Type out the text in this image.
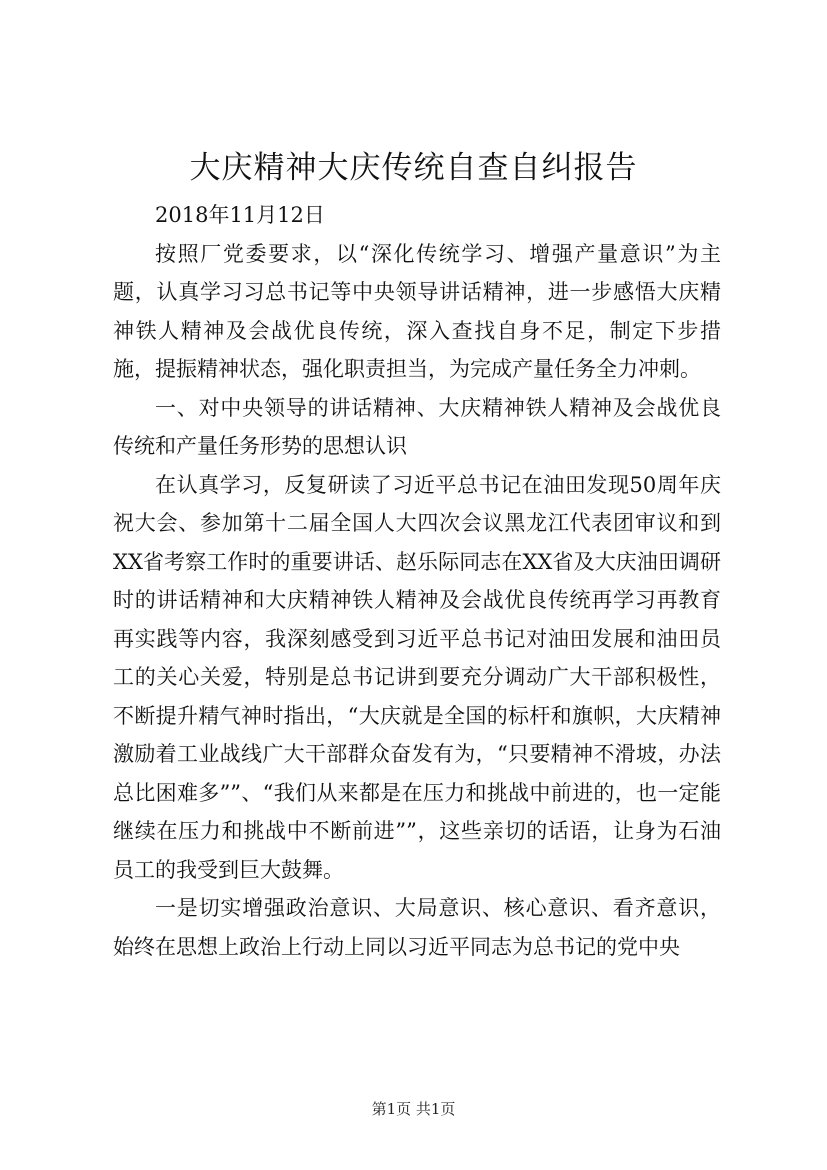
大庆精神大庆传统自查自纠报告

2018年11月12日

按照厂党委要求，以“深化传统学习、增强产量意识”为主题，认真学习习总书记等中央领导讲话精神，进一步感悟大庆精神铁人精神及会战优良传统，深入查找自身不足，制定下步措施，提振精神状态，强化职责担当，为完成产量任务全力冲刺。

一、对中央领导的讲话精神、大庆精神铁人精神及会战优良传统和产量任务形势的思想认识

在认真学习，反复研读了习近平总书记在油田发现50周年庆祝大会、参加第十二届全国人大四次会议黑龙江代表团审议和到XX省考察工作时的重要讲话、赵乐际同志在XX省及大庆油田调研时的讲话精神和大庆精神铁人精神及会战优良传统再学习再教育再实践等内容，我深刻感受到习近平总书记对油田发展和油田员工的关心关爱，特别是总书记讲到要充分调动广大干部积极性，不断提升精气神时指出，“大庆就是全国的标杆和旗帜，大庆精神激励着工业战线广大干部群众奋发有为，“只要精神不滑坡，办法总比困难多””、“我们从来都是在压力和挑战中前进的，也一定能继续在压力和挑战中不断前进””，这些亲切的话语，让身为石油员工的我受到巨大鼓舞。

一是切实增强政治意识、大局意识、核心意识、看齐意识，始终在思想上政治上行动上同以习近平同志为总书记的党中央

第1页 共1页
